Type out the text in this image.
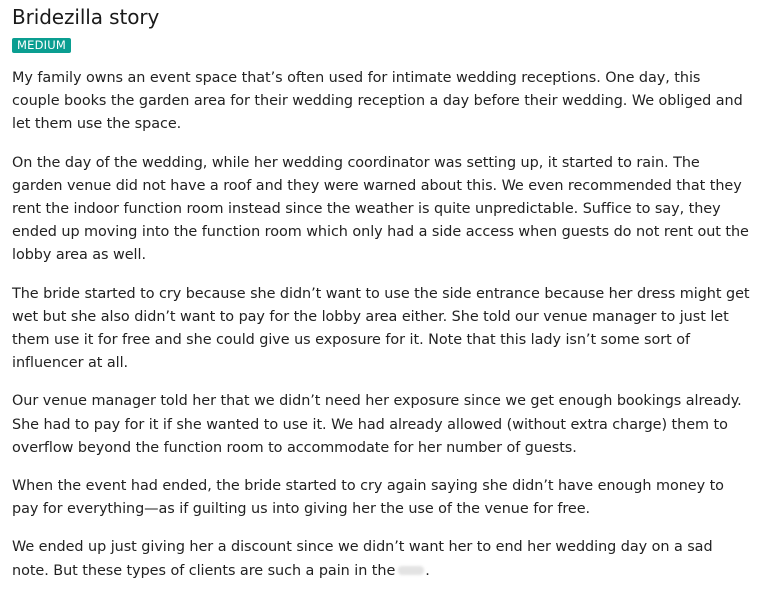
Bridezilla story
MEDIUM

My family owns an event space that’s often used for intimate wedding receptions. One day, this couple books the garden area for their wedding reception a day before their wedding. We obliged and let them use the space.

On the day of the wedding, while her wedding coordinator was setting up, it started to rain. The garden venue did not have a roof and they were warned about this. We even recommended that they rent the indoor function room instead since the weather is quite unpredictable. Suffice to say, they ended up moving into the function room which only had a side access when guests do not rent out the lobby area as well.

The bride started to cry because she didn’t want to use the side entrance because her dress might get wet but she also didn’t want to pay for the lobby area either. She told our venue manager to just let them use it for free and she could give us exposure for it. Note that this lady isn’t some sort of influencer at all.

Our venue manager told her that we didn’t need her exposure since we get enough bookings already. She had to pay for it if she wanted to use it. We had already allowed (without extra charge) them to overflow beyond the function room to accommodate for her number of guests.

When the event had ended, the bride started to cry again saying she didn’t have enough money to pay for everything—as if guilting us into giving her the use of the venue for free.

We ended up just giving her a discount since we didn’t want her to end her wedding day on a sad note. But these types of clients are such a pain in the .
